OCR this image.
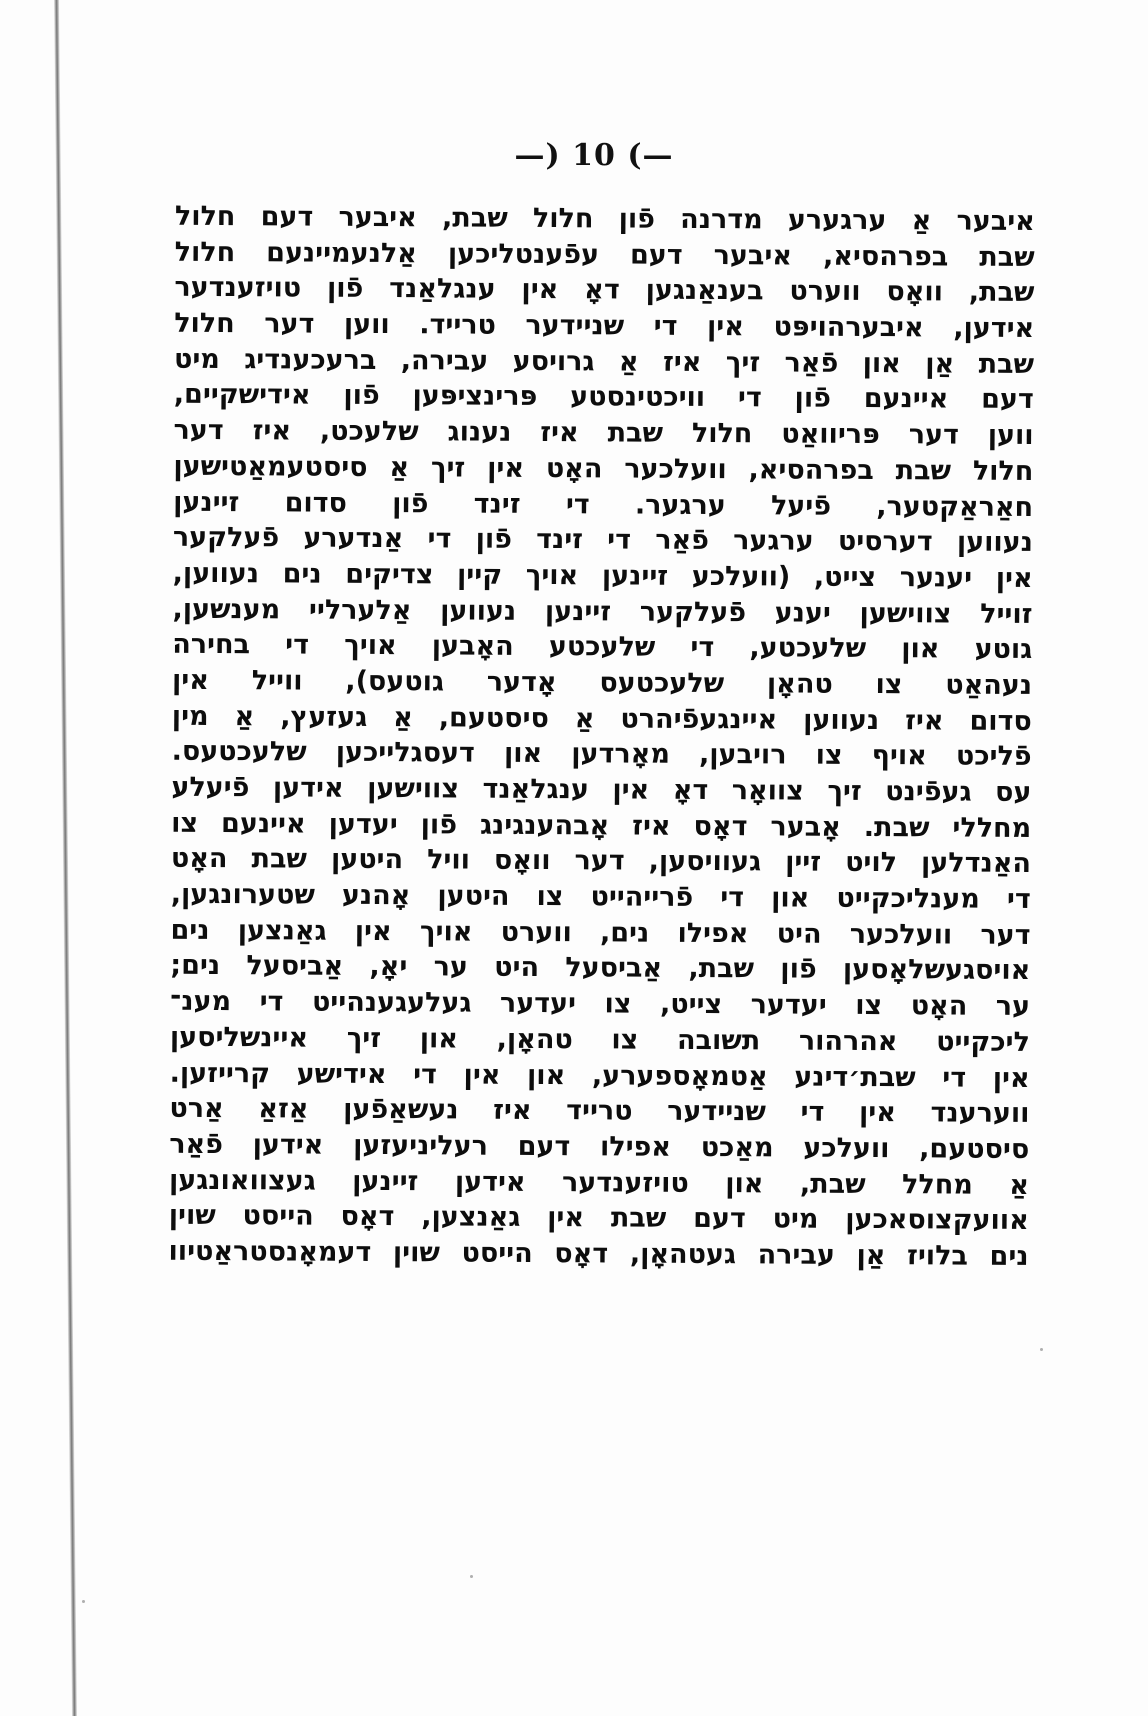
—) 10 (—
איבער אַ ערגערע מדרנה פֿון חלול שבת, איבער דעם חלול
שבת בפרהסיא, איבער דעם עפֿענטליכען אַלנעמיינעם חלול
שבת, וואָס ווערט בענאַנגען דאָ אין ענגלאַנד פֿון טויזענדער
אידען, איבערהויפּט אין די שניידער טרייד. ווען דער חלול
שבת אַן און פֿאַר זיך איז אַ גרויסע עבירה, ברעכענדיג מיט
דעם איינעם פֿון די וויכטינסטע פּרינציפּען פֿון אידישקיים,
ווען דער פּריוואַט חלול שבת איז נענוג שלעכט, איז דער
חלול שבת בפרהסיא, וועלכער האָט אין זיך אַ סיסטעמאַטישען
חאַראַקטער, פֿיעל ערגער. די זינד פֿון סדום זיינען
נעווען דערסיט ערגער פֿאַר די זינד פֿון די אַנדערע פֿעלקער
אין יענער צייט, (וועלכע זיינען אויך קיין צדיקים נים נעווען,
זוייל צווישען יענע פֿעלקער זיינען נעווען אַלערליי מענשען,
גוטע און שלעכטע, די שלעכטע האָבען אויך די בחירה
נעהאַט צו טהאָן שלעכטעס אָדער גוטעס), ווייל אין
סדום איז נעווען איינגעפֿיהרט אַ סיסטעם, אַ געזעץ, אַ מין
פֿליכט אויף צו רויבען, מאָרדען און דעסגלייכען שלעכטעס.
עס געפֿינט זיך צוואָר דאָ אין ענגלאַנד צווישען אידען פֿיעלע
מחללי שבת. אָבער דאָס איז אָבהענגינג פֿון יעדען איינעם צו
האַנדלען לויט זיין געוויסען, דער וואָס וויל היטען שבת האָט
די מענליכקייט און די פֿרייהייט צו היטען אָהנע שטערונגען,
דער וועלכער היט אפילו נים, ווערט אויך אין גאַנצען נים
אויסגעשלאָסען פֿון שבת, אַביסעל היט ער יאָ, אַביסעל נים;
ער האָט צו יעדער צייט, צו יעדער געלעגענהייט די מענ־
ליכקייט אהרהור תשובה צו טהאָן, און זיך איינשליסען
אין די שבת׳דינע אַטמאָספערע, און אין די אידישע קרייזען.
ווערענד אין די שניידער טרייד איז נעשאַפֿען אַזאַ אַרט
סיסטעם, וועלכע מאַכט אפילו דעם רעליניעזען אידען פֿאַר
אַ מחלל שבת, און טויזענדער אידען זיינען געצוואונגען
אוועקצוסאכען מיט דעם שבת אין גאַנצען, דאָס הייסט שוין
נים בלויז אַן עבירה געטהאָן, דאָס הייסט שוין דעמאָנסטראַטיוו
